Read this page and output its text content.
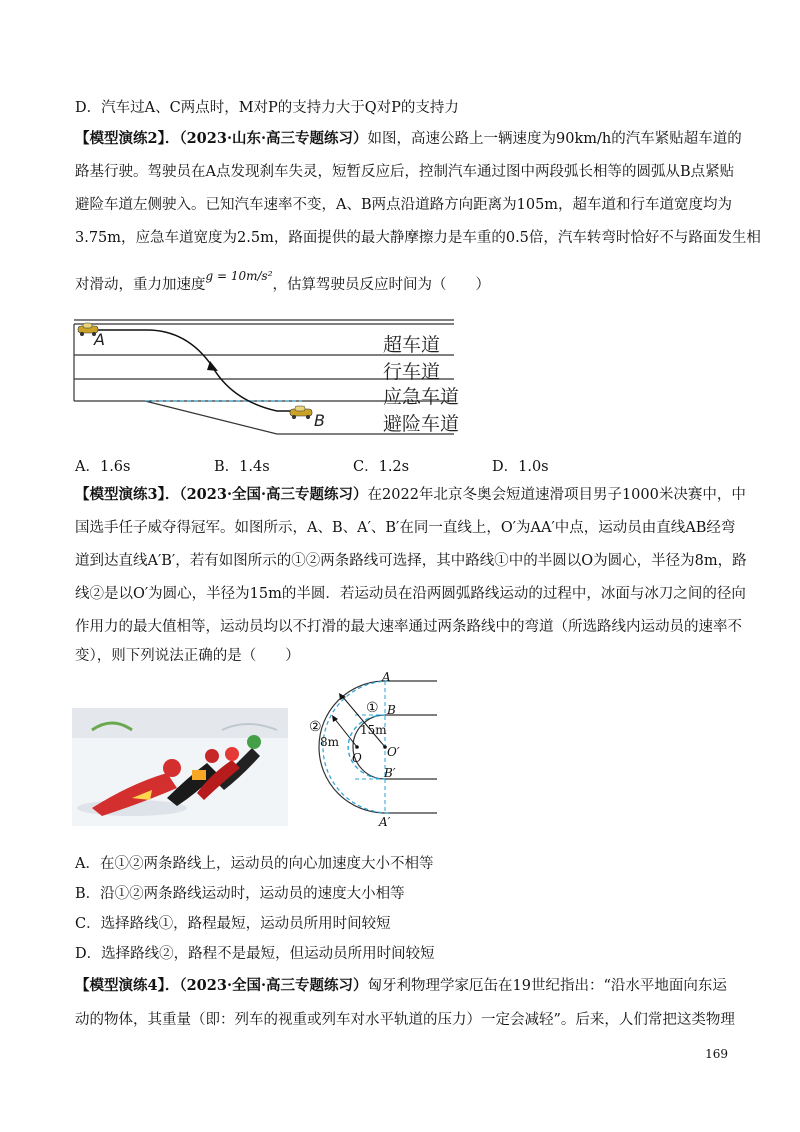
D．汽车过A、C两点时，M对P的支持力大于Q对P的支持力
【模型演练2】．（2023·山东·高三专题练习）如图，高速公路上一辆速度为90km/h的汽车紧贴超车道的
路基行驶。驾驶员在A点发现刹车失灵，短暂反应后，控制汽车通过图中两段弧长相等的圆弧从B点紧贴
避险车道左侧驶入。已知汽车速率不变，A、B两点沿道路方向距离为105m，超车道和行车道宽度均为
3.75m，应急车道宽度为2.5m，路面提供的最大静摩擦力是车重的0.5倍，汽车转弯时恰好不与路面发生相
对滑动，重力加速度$^{g = 10m/s^2}$，估算驾驶员反应时间为（　　）
A
B
超车道
行车道
应急车道
避险车道
A．1.6s	B．1.4s	C．1.2s	D．1.0s
【模型演练3】．（2023·全国·高三专题练习）在2022年北京冬奥会短道速滑项目男子1000米决赛中，中
国选手任子威夺得冠军。如图所示，A、B、A′、B′在同一直线上，O′为AA′中点，运动员由直线AB经弯
道到达直线A′B′，若有如图所示的①②两条路线可选择，其中路线①中的半圆以O为圆心，半径为8m，路
线②是以O′为圆心，半径为15m的半圆．若运动员在沿两圆弧路线运动的过程中，冰面与冰刀之间的径向
作用力的最大值相等，运动员均以不打滑的最大速率通过两条路线中的弯道（所选路线内运动员的速率不
变），则下列说法正确的是（　　）
A
B
①
②
8m
15m
O O′
B′
A′
A．在①②两条路线上，运动员的向心加速度大小不相等
B．沿①②两条路线运动时，运动员的速度大小相等
C．选择路线①，路程最短，运动员所用时间较短
D．选择路线②，路程不是最短，但运动员所用时间较短
【模型演练4】．（2023·全国·高三专题练习）匈牙利物理学家厄缶在19世纪指出：“沿水平地面向东运
动的物体，其重量（即：列车的视重或列车对水平轨道的压力）一定会减轻”。后来，人们常把这类物理
169
